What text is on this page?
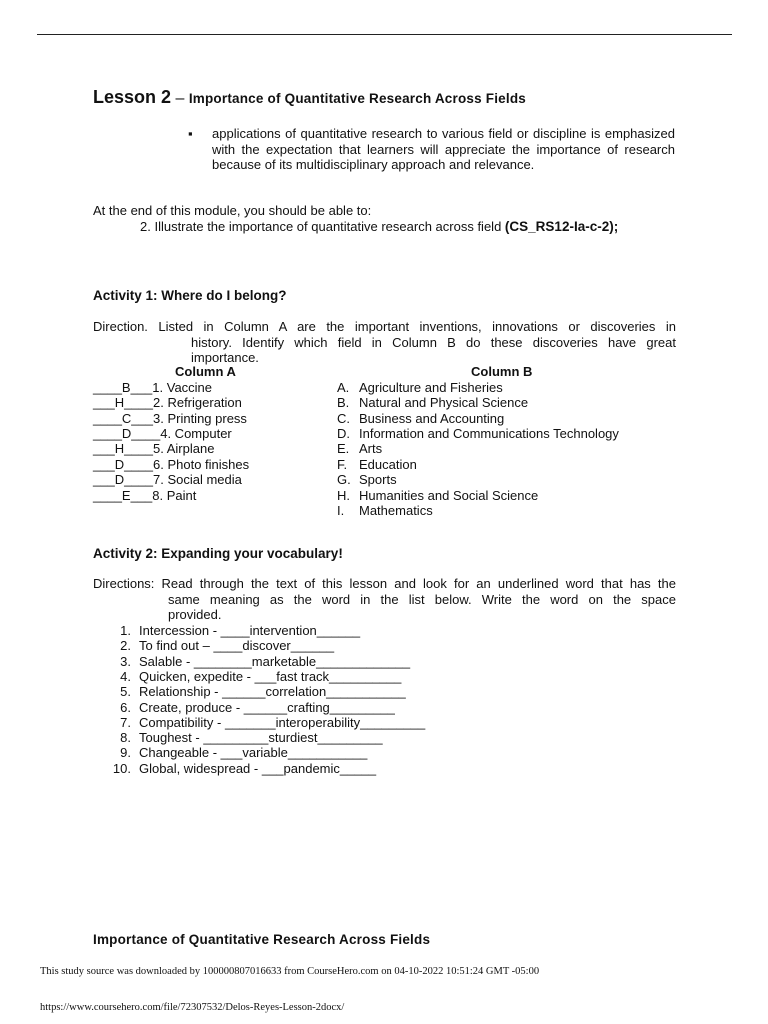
Lesson 2 – Importance of Quantitative Research Across Fields
▪ applications of quantitative research to various field or discipline is emphasized with the expectation that learners will appreciate the importance of research because of its multidisciplinary approach and relevance.
At the end of this module, you should be able to:
2. Illustrate the importance of quantitative research across field (CS_RS12-Ia-c-2);
Activity 1: Where do I belong?
Direction. Listed in Column A are the important inventions, innovations or discoveries in
history. Identify which field in Column B do these discoveries have great
importance.
Column A	Column B
____B___1. Vaccine
___H____2. Refrigeration
____C___3. Printing press
____D____4. Computer
___H____5. Airplane
___D____6. Photo finishes
___D____7. Social media
____E___8. Paint
A. Agriculture and Fisheries
B. Natural and Physical Science
C. Business and Accounting
D. Information and Communications Technology
E. Arts
F. Education
G. Sports
H. Humanities and Social Science
I. Mathematics
Activity 2: Expanding your vocabulary!
Directions: Read through the text of this lesson and look for an underlined word that has the
same meaning as the word in the list below. Write the word on the space
provided.
1. Intercession - ____intervention______
2. To find out – ____discover______
3. Salable - ________marketable_____________
4. Quicken, expedite - ___fast track__________
5. Relationship - ______correlation___________
6. Create, produce - ______crafting_________
7. Compatibility - _______interoperability_________
8. Toughest - _________sturdiest_________
9. Changeable - ___variable___________
10. Global, widespread - ___pandemic_____
Importance of Quantitative Research Across Fields
This study source was downloaded by 100000807016633 from CourseHero.com on 04-10-2022 10:51:24 GMT -05:00
https://www.coursehero.com/file/72307532/Delos-Reyes-Lesson-2docx/
